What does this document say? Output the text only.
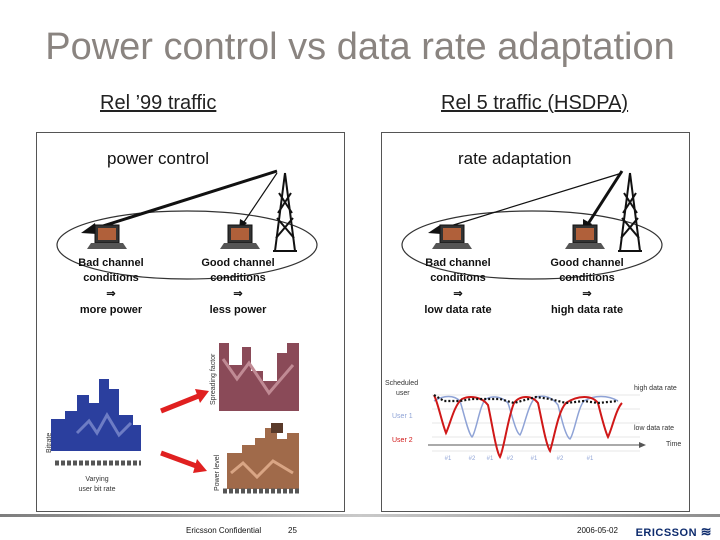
Power control vs data rate adaptation
Rel ’99 traffic	Rel 5 traffic (HSDPA)
power control
Bad channel
conditions
⇒
more power
Good channel
conditions
⇒
less power
Spreading factor
Power level
Bitrate
Varying
user bit rate
rate adaptation
Bad channel
conditions
⇒
low data rate
Good channel
conditions
⇒
high data rate
#1	#2 #1 #2	#1	#2	#1
Scheduled
user
high data rate
low data rate
Time
User 1
User 2
Ericsson Confidential	25	2006-05-02 ERICSSON ≋
